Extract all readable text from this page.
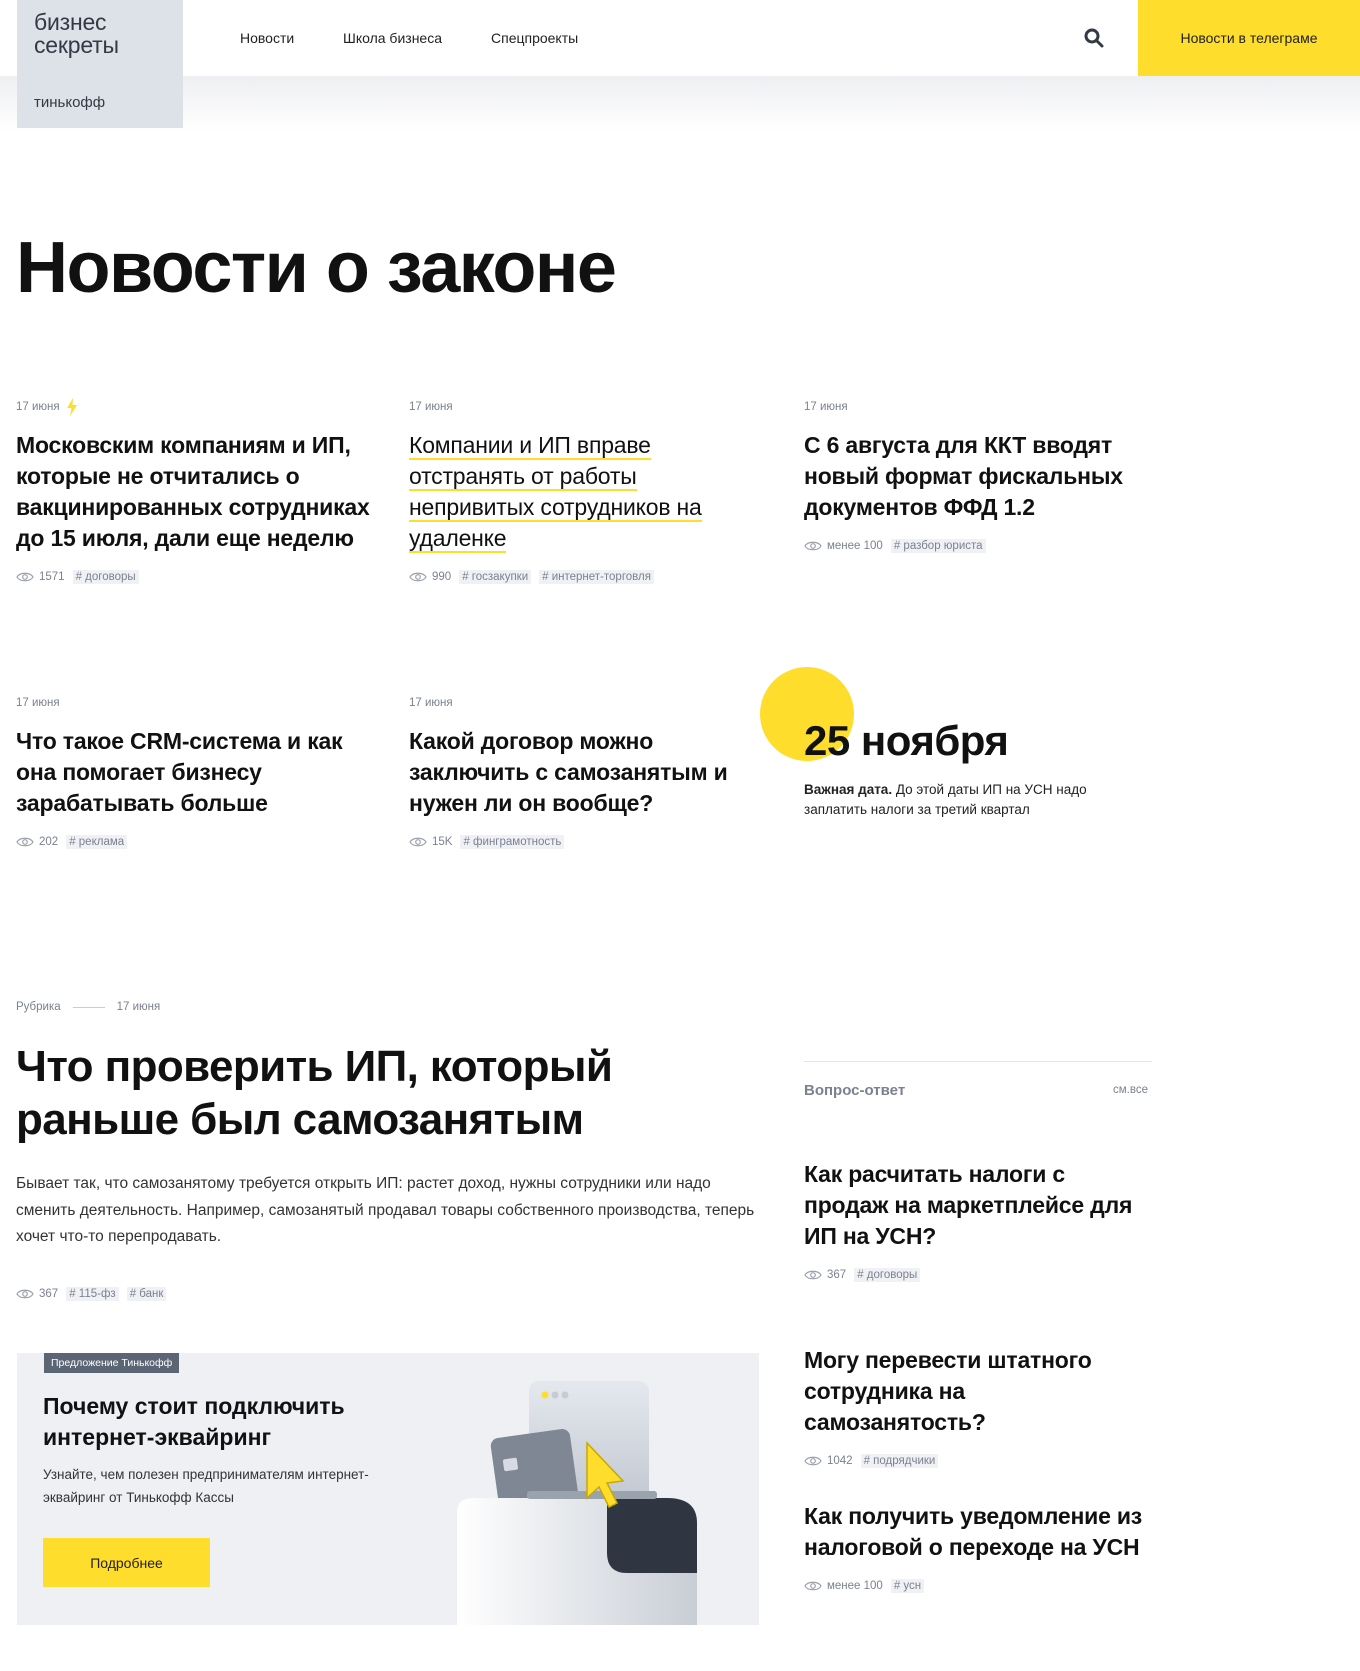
Новости	Школа бизнеса	Спецпроекты	Новости в телеграме
бизнес
секреты
тинькофф
Новости о законе
17 июня
Московским компаниям и ИП, которые не отчитались о вакцинированных сотрудниках до 15 июля, дали еще неделю
1571 # договоры
17 июня
Компании и ИП вправе отстранять от работы непривитых сотрудников на удаленке
990 # госзакупки # интернет-торговля
17 июня
С 6 августа для ККТ вводят новый формат фискальных документов ФФД 1.2
менее 100 # разбор юриста
17 июня
Что такое CRM-система и как она помогает бизнесу зарабатывать больше
202 # реклама
17 июня
Какой договор можно заключить с самозанятым и нужен ли он вообще?
15K # финграмотность
25 ноября
Важная дата. До этой даты ИП на УСН надо заплатить налоги за третий квартал
Рубрика	17 июня
Что проверить ИП, который раньше был самозанятым

Бывает так, что самозанятому требуется открыть ИП: растет доход, нужны сотрудники или надо сменить деятельность. Например, самозанятый продавал товары собственного производства, теперь хочет что-то перепродавать.

367 # 115-фз # банк
Предложение Тинькофф
Почему стоит подключить интернет-эквайринг
Узнайте, чем полезен предпринимателям интернет-эквайринг от Тинькофф Кассы
Подробнее
Вопрос-ответ	см.все
Как расчитать налоги с продаж на маркетплейсе для ИП на УСН?
367 # договоры
Могу перевести штатного сотрудника на самозанятость?
1042 # подрядчики
Как получить уведомление из налоговой о переходе на УСН
менее 100 # усн
